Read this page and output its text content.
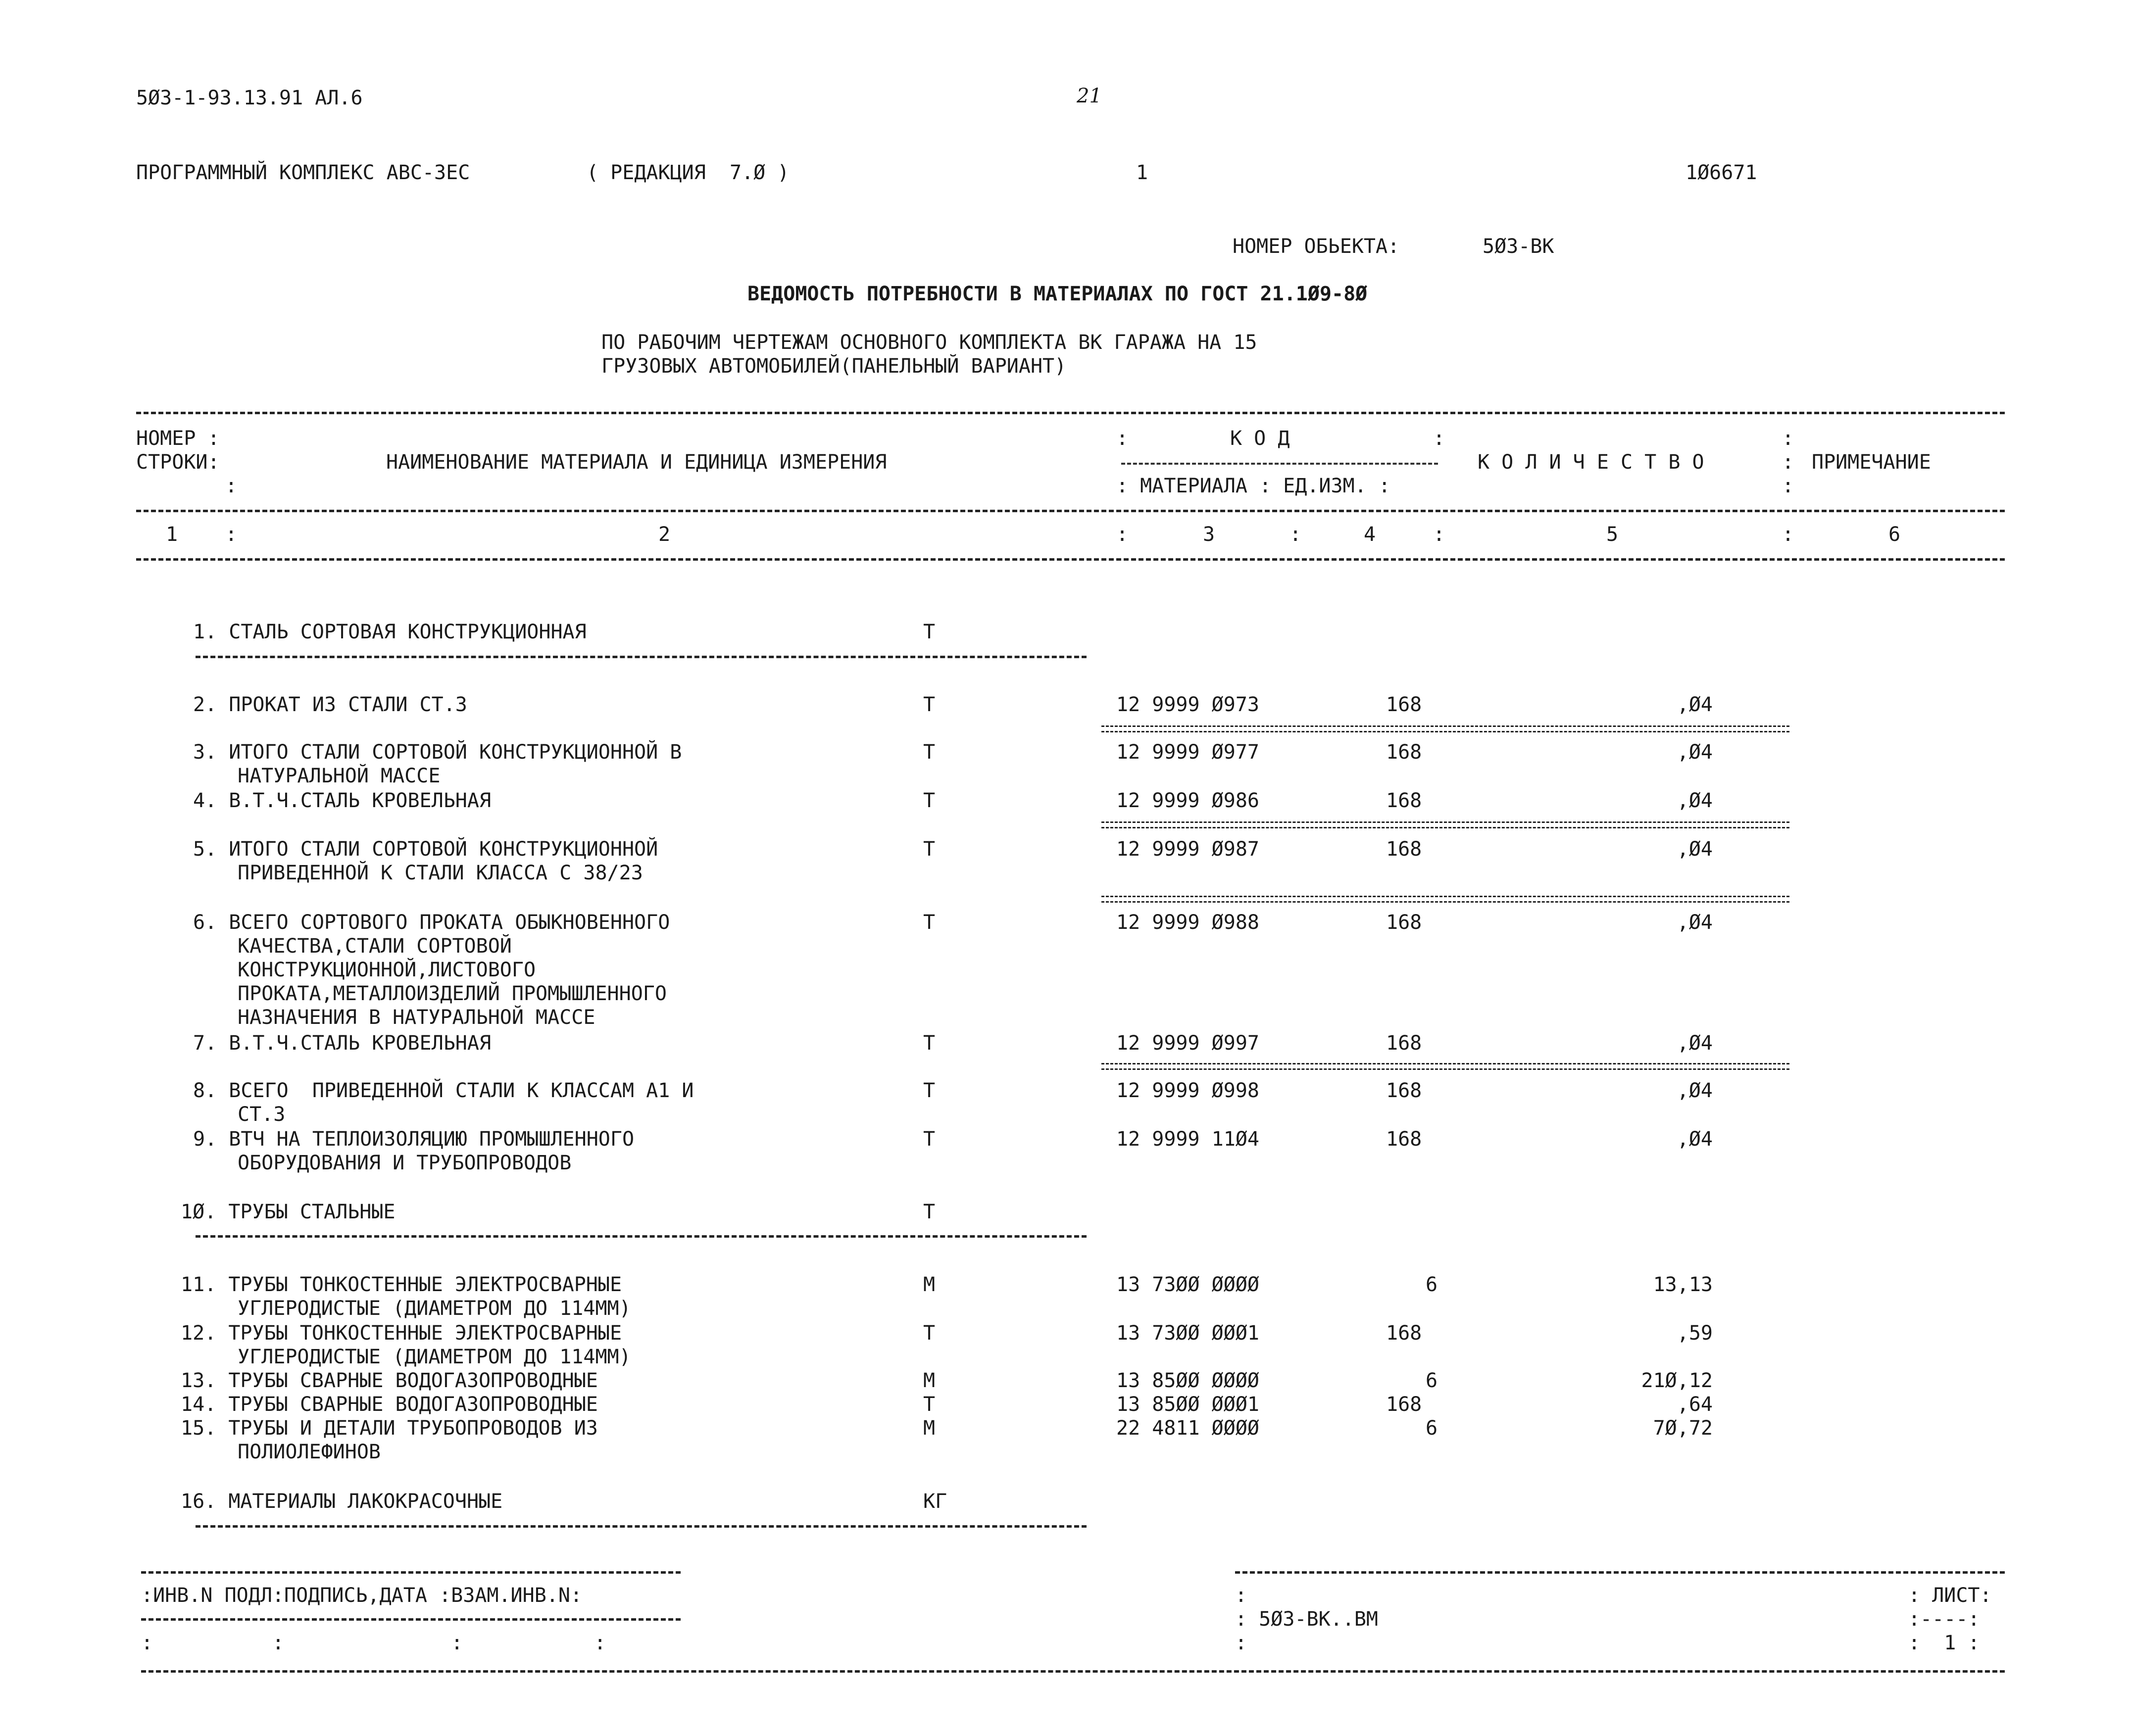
5Ø3-1-93.13.91 АЛ.6	21
ПРОГРАММНЫЙ КОМПЛЕКС АВС-3ЕС	( РЕДАКЦИЯ  7.Ø )	1	1Ø6671
НОМЕР ОБЬЕКТА:	5Ø3-ВК
ВЕДОМОСТЬ ПОТРЕБНОСТИ В МАТЕРИАЛАХ ПО ГОСТ 21.1Ø9-8Ø
ПО РАБОЧИМ ЧЕРТЕЖАМ ОСНОВНОГО КОМПЛЕКТА ВК ГАРАЖА НА 15
ГРУЗОВЫХ АВТОМОБИЛЕЙ(ПАНЕЛЬНЫЙ ВАРИАНТ)
НОМЕР :
СТРОКИ:
:
НАИМЕНОВАНИЕ МАТЕРИАЛА И ЕДИНИЦА ИЗМЕРЕНИЯ
:	К О Д	:
: МАТЕРИАЛА : ЕД.ИЗМ. :
К О Л И Ч Е С Т В О
:
:
:
ПРИМЕЧАНИЕ
1 :	2	:	3	:	4	:	5	:	6
1. СТАЛЬ СОРТОВАЯ КОНСТРУКЦИОННАЯ	Т
2. ПРОКАТ ИЗ СТАЛИ СТ.3	Т	12 9999 Ø973	168	,Ø4
3. ИТОГО СТАЛИ СОРТОВОЙ КОНСТРУКЦИОННОЙ В
НАТУРАЛЬНОЙ МАССЕ
Т	12 9999 Ø977	168	,Ø4
4. В.Т.Ч.СТАЛЬ КРОВЕЛЬНАЯ	Т	12 9999 Ø986	168	,Ø4
5. ИТОГО СТАЛИ СОРТОВОЙ КОНСТРУКЦИОННОЙ
ПРИВЕДЕННОЙ К СТАЛИ КЛАССА С 38/23
Т	12 9999 Ø987	168	,Ø4
6. ВСЕГО СОРТОВОГО ПРОКАТА ОБЫКНОВЕННОГО
КАЧЕСТВА,СТАЛИ СОРТОВОЙ
КОНСТРУКЦИОННОЙ,ЛИСТОВОГО
ПРОКАТА,МЕТАЛЛОИЗДЕЛИЙ ПРОМЫШЛЕННОГО
НАЗНАЧЕНИЯ В НАТУРАЛЬНОЙ МАССЕ
Т	12 9999 Ø988	168	,Ø4
7. В.Т.Ч.СТАЛЬ КРОВЕЛЬНАЯ	Т	12 9999 Ø997	168	,Ø4
8. ВСЕГО  ПРИВЕДЕННОЙ СТАЛИ К КЛАССАМ А1 И
СТ.3
Т	12 9999 Ø998	168	,Ø4
9. ВТЧ НА ТЕПЛОИЗОЛЯЦИЮ ПРОМЫШЛЕННОГО
ОБОРУДОВАНИЯ И ТРУБОПРОВОДОВ
Т	12 9999 11Ø4	168	,Ø4
1Ø. ТРУБЫ СТАЛЬНЫЕ	Т
11. ТРУБЫ ТОНКОСТЕННЫЕ ЭЛЕКТРОСВАРНЫЕ
УГЛЕРОДИСТЫЕ (ДИАМЕТРОМ ДО 114ММ)
М	13 73ØØ ØØØØ	6	13,13
12. ТРУБЫ ТОНКОСТЕННЫЕ ЭЛЕКТРОСВАРНЫЕ
УГЛЕРОДИСТЫЕ (ДИАМЕТРОМ ДО 114ММ)
Т	13 73ØØ ØØØ1	168	,59
13. ТРУБЫ СВАРНЫЕ ВОДОГАЗОПРОВОДНЫЕ	М	13 85ØØ ØØØØ	6	21Ø,12
14. ТРУБЫ СВАРНЫЕ ВОДОГАЗОПРОВОДНЫЕ	Т	13 85ØØ ØØØ1	168	,64
15. ТРУБЫ И ДЕТАЛИ ТРУБОПРОВОДОВ ИЗ
ПОЛИОЛЕФИНОВ
М	22 4811 ØØØØ	6	7Ø,72
16. МАТЕРИАЛЫ ЛАКОКРАСОЧНЫЕ	КГ
:ИНВ.N ПОДЛ:ПОДПИСЬ,ДАТА :ВЗАМ.ИНВ.N:
:          :              :           :
:
: 5Ø3-ВК..ВМ
:
: ЛИСТ:
:----:
:  1 :
